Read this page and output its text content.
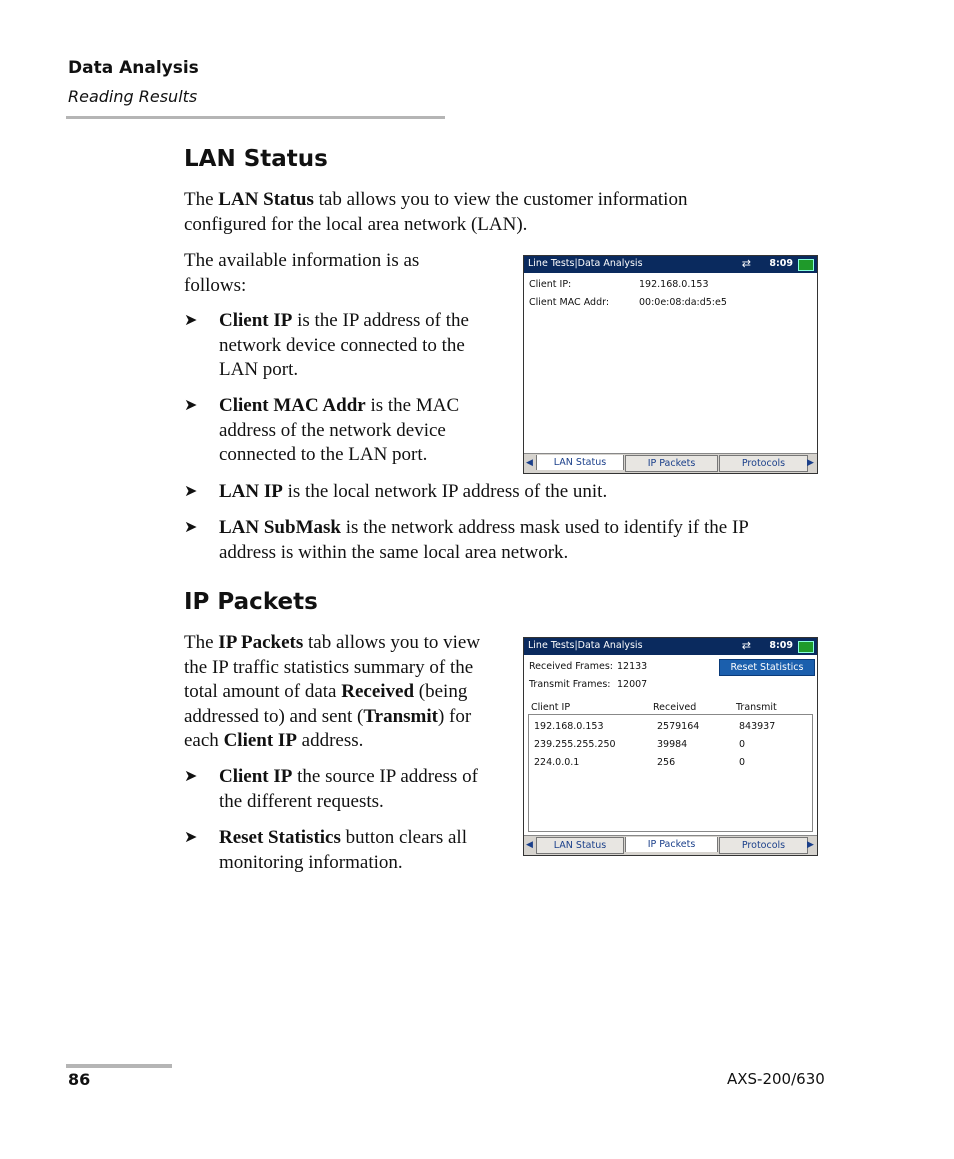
Data Analysis
Reading Results
LAN Status
The LAN Status tab allows you to view the customer information
configured for the local area network (LAN).
The available information is as
follows:
➤ Client IP is the IP address of the
network device connected to the
LAN port.
➤ Client MAC Addr is the MAC
address of the network device
connected to the LAN port.
➤ LAN IP is the local network IP address of the unit.
➤ LAN SubMask is the network address mask used to identify if the IP
address is within the same local area network.
Line Tests|Data Analysis	⇄ 8:09
Client IP:	192.168.0.153
Client MAC Addr:	00:0e:08:da:d5:e5
◀	LAN Status	IP Packets	Protocols	▶
IP Packets
The IP Packets tab allows you to view
the IP traffic statistics summary of the
total amount of data Received (being
addressed to) and sent (Transmit) for
each Client IP address.
➤ Client IP the source IP address of
the different requests.
➤ Reset Statistics button clears all
monitoring information.
Line Tests|Data Analysis	⇄ 8:09
Received Frames: 12133
Transmit Frames: 12007
Reset Statistics
Client IP	Received	Transmit
192.168.0.153	2579164	843937
239.255.255.250	39984	0
224.0.0.1	256	0
◀	LAN Status	IP Packets	Protocols	▶
86	AXS-200/630
